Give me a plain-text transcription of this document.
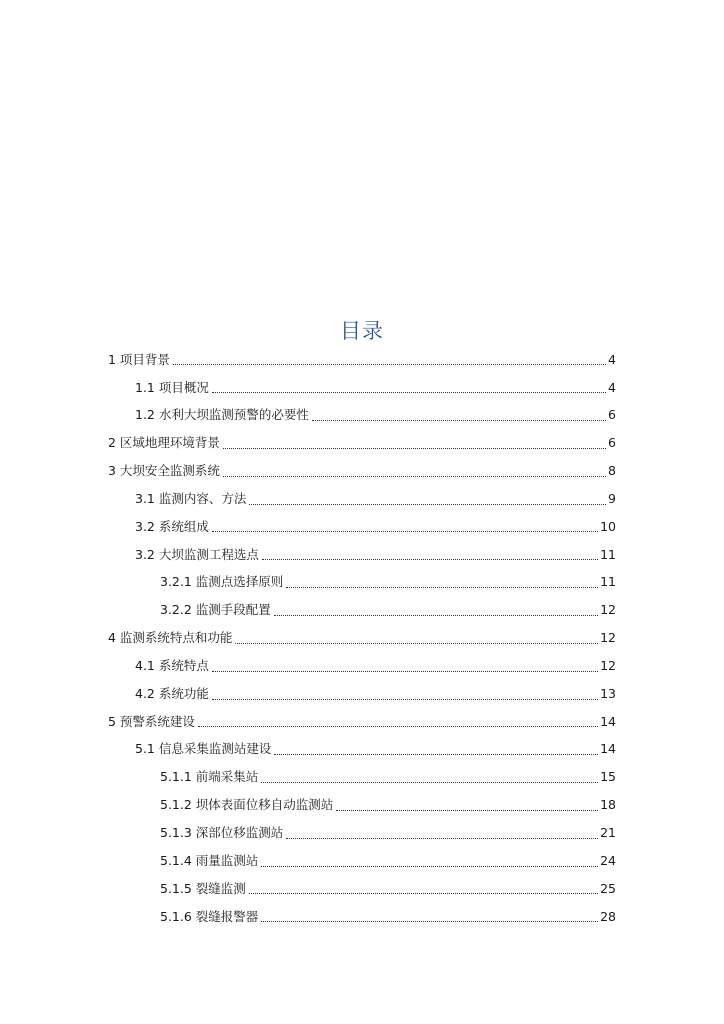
目录
1 项目背景	4
1.1 项目概况	4
1.2 水利大坝监测预警的必要性	6
2 区域地理环境背景	6
3 大坝安全监测系统	8
3.1 监测内容、方法	9
3.2 系统组成	10
3.2 大坝监测工程选点	11
3.2.1 监测点选择原则	11
3.2.2 监测手段配置	12
4 监测系统特点和功能	12
4.1 系统特点	12
4.2 系统功能	13
5 预警系统建设	14
5.1 信息采集监测站建设	14
5.1.1 前端采集站	15
5.1.2 坝体表面位移自动监测站	18
5.1.3 深部位移监测站	21
5.1.4 雨量监测站	24
5.1.5 裂缝监测	25
5.1.6 裂缝报警器	28
